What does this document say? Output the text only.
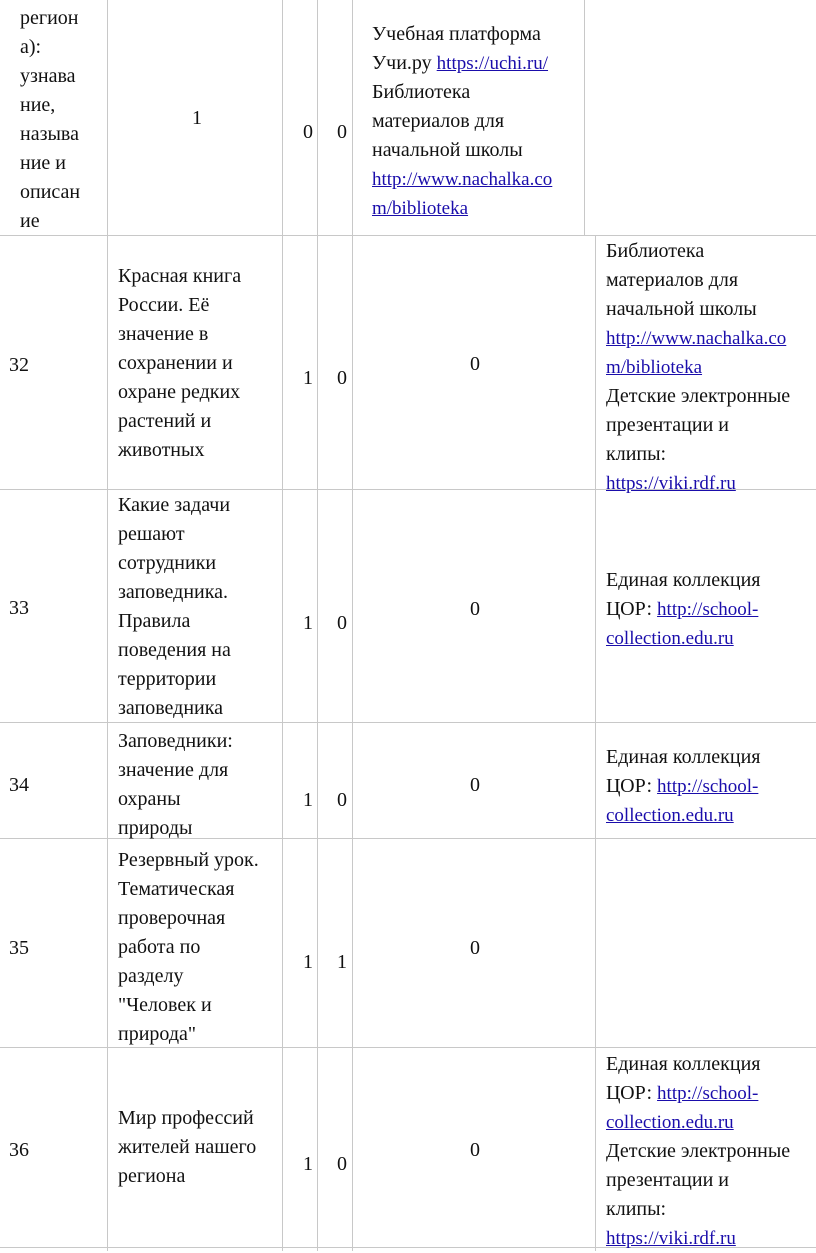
регион
а):
узнава
ние,
называ
ние и
описан
ие
1
0 0
Учебная платформа
Учи.ру https://uchi.ru/
Библиотека
материалов для
начальной школы
http://www.nachalka.co
m/biblioteka
32
Красная книга
России. Её
значение в
сохранении и
охране редких
растений и
животных
1 0
0
Библиотека
материалов для
начальной школы
http://www.nachalka.co
m/biblioteka
Детские электронные
презентации и
клипы:
https://viki.rdf.ru
33
Какие задачи
решают
сотрудники
заповедника.
Правила
поведения на
территории
заповедника
1 0
0
Единая коллекция
ЦОР: http://school-
collection.edu.ru
34
Заповедники:
значение для
охраны
природы
1 0
0
Единая коллекция
ЦОР: http://school-
collection.edu.ru
35
Резервный урок.
Тематическая
проверочная
работа по
разделу
"Человек и
природа"
1 1
0
36
Мир профессий
жителей нашего
региона
1 0
0
Единая коллекция
ЦОР: http://school-
collection.edu.ru
Детские электронные
презентации и
клипы:
https://viki.rdf.ru
